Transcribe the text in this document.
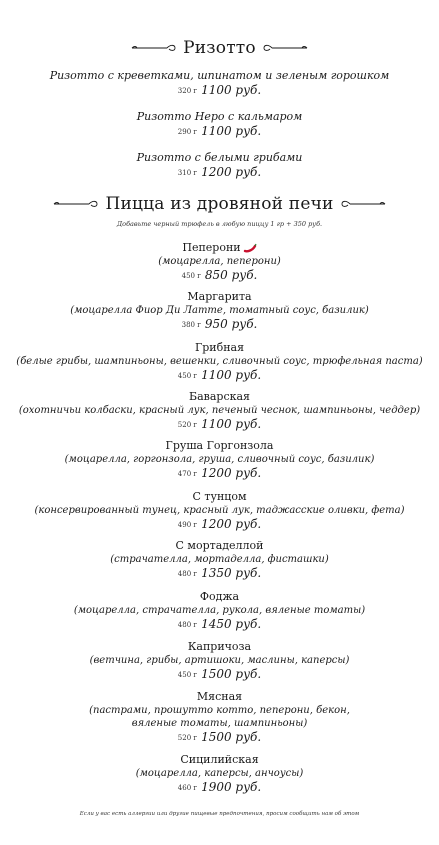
Ризотто
Ризотто с креветками, шпинатом и зеленым горошком
320 г 1100 руб.
Ризотто Неро с кальмаром
290 г 1100 руб.
Ризотто с белыми грибами
310 г 1200 руб.
Пицца из дровяной печи
Добавьте черный трюфель в любую пиццу 1 гр + 350 руб.
Пеперони
(моцарелла, пеперони)
450 г 850 руб.
Маргарита
(моцарелла Фиор Ди Латте, томатный соус, базилик)
380 г 950 руб.
Грибная
(белые грибы, шампиньоны, вешенки, сливочный соус, трюфельная паста)
450 г 1100 руб.
Баварская
(охотничьи колбаски, красный лук, печеный чеснок, шампиньоны, чеддер)
520 г 1100 руб.
Груша Горгонзола
(моцарелла, горгонзола, груша, сливочный соус, базилик)
470 г 1200 руб.
С тунцом
(консервированный тунец, красный лук, таджасские оливки, фета)
490 г 1200 руб.
С мортаделлой
(страчателла, мортаделла, фисташки)
480 г 1350 руб.
Фоджа
(моцарелла, страчателла, рукола, вяленые томаты)
480 г 1450 руб.
Капричоза
(ветчина, грибы, артишоки, маслины, каперсы)
450 г 1500 руб.
Мясная
(пастрами, прошутто котто, пеперони, бекон,
вяленые томаты, шампиньоны)
520 г 1500 руб.
Сицилийская
(моцарелла, каперсы, анчоусы)
460 г 1900 руб.
Если у вас есть аллергии или другие пищевые предпочтения, просим сообщить нам об этом
